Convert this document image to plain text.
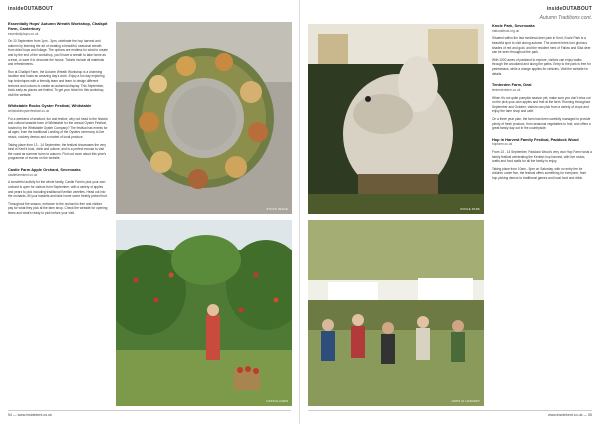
insideOUTABOUT
Essentially Hops' Autumn Wreath Workshop, Chalkpit Farm, Canterbury
essentiallyhops.co.uk

On 10 September from 1pm - 3pm, celebrate the hop harvest and autumn by learning the art of creating a beautiful, seasonal wreath from dried hops and foliage. The options are endless for what to create and by the end of the workshop, you'll have a wreath to take home as a treat, or save it to decorate the house. Tickets include all materials and refreshments.

Run at Chalkpit Farm, the Autumn Wreath Workshop is a charming location and hosts an amazing day's work. Enjoy a fun day exploring hop techniques with a friendly team and learn to design different textures and colours to create an autumnal display. This September, book early as places are limited. To get your ticket for this workshop, visit the website.

Whitstable Rocks Oyster Festival, Whitstable
whitstableoysterfestival.co.uk

For a weekend of seafood, fun and festive, why not head to the historic and cultural seaside town of Whitstable for the annual Oyster Festival, hosted by the Whitstable Oyster Company? The festival has events for all ages, from the traditional Landing of the Oysters ceremony to live music, cookery demos and a market of local produce.

Taking place from 13 - 14 September, the festival showcases the very best of Kent's food, drink and culture, and is a perfect excuse to visit the coast as summer turns to autumn. Find out more about this year's programme of events on the website.

Castle Farm Apple Orchard, Sevenoaks
castlefarmkent.co.uk

A wonderful activity for the whole family, Castle Farm's pick-your-own orchard is open for visitors from September, with a variety of apples and pears to pick including traditional Kentish varieties. Head out into the orchards, fill your baskets and take home some freshly picked fruit.

Throughout the season, entrance to the orchard is free and visitors pay for what they pick at the farm shop. Check the website for opening times and what's ready to pick before your visit.

STOCK IMAGE
CASTLE FARM
54 — www.insidekent.co.uk
insideOUTABOUT
Autumn Traditions cont.
KNOLE PARK
HOPS IN HARVEST
Knole Park, Sevenoaks
nationaltrust.org.uk

Situated within the last medieval deer park in Kent, Knole Park is a beautiful spot to visit during autumn. The ancient trees turn glorious shades of red and gold, and the resident herd of Fallow and Sika deer can be seen throughout the park.

With 1000 acres of parkland to explore, visitors can enjoy walks through the woodland and along the paths. Entry to the park is free for pedestrians, while a charge applies for vehicles. Visit the website for details.

Tenterden Farm, Deal
tenterdenfarm.co.uk

When it's not quite pumpkin season yet, make sure you don't miss out on the pick-your-own apples and fruit at the farm. Running throughout September and October, visitors can pick from a variety of crops and enjoy the farm shop and café.

On a three year plan, the farm has been carefully managed to provide plenty of fresh produce, from seasonal vegetables to fruit, and offers a great family day out in the countryside.

Hop in Harvest Family Festival, Paddock Wood
hopfarm.co.uk

From 13 - 14 September, Paddock Wood's very own Hop Farm hosts a family festival celebrating the Kentish hop harvest, with live music, crafts and food stalls for all the family to enjoy.

Taking place from 10am - 5pm on Saturday, with no entry fee for children under five, the festival offers something for everyone, from hop picking demos to traditional games and local food and drink.

www.insidekent.co.uk — 55
